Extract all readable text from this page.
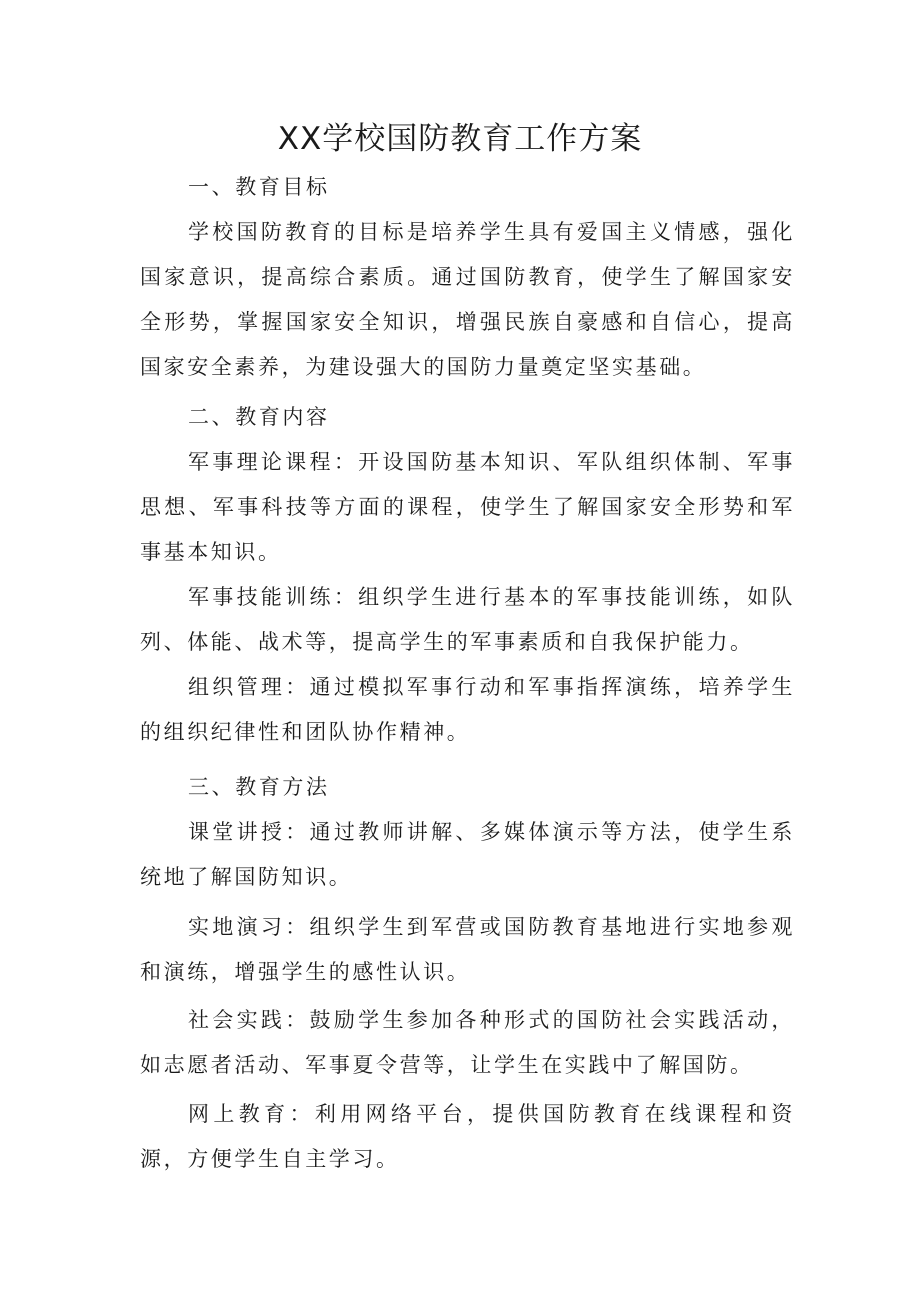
XX学校国防教育工作方案

一、教育目标

学校国防教育的目标是培养学生具有爱国主义情感，强化国家意识，提高综合素质。通过国防教育，使学生了解国家安全形势，掌握国家安全知识，增强民族自豪感和自信心，提高国家安全素养，为建设强大的国防力量奠定坚实基础。

二、教育内容

军事理论课程：开设国防基本知识、军队组织体制、军事思想、军事科技等方面的课程，使学生了解国家安全形势和军事基本知识。

军事技能训练：组织学生进行基本的军事技能训练，如队列、体能、战术等，提高学生的军事素质和自我保护能力。

组织管理：通过模拟军事行动和军事指挥演练，培养学生的组织纪律性和团队协作精神。

三、教育方法

课堂讲授：通过教师讲解、多媒体演示等方法，使学生系统地了解国防知识。

实地演习：组织学生到军营或国防教育基地进行实地参观和演练，增强学生的感性认识。

社会实践：鼓励学生参加各种形式的国防社会实践活动，如志愿者活动、军事夏令营等，让学生在实践中了解国防。

网上教育：利用网络平台，提供国防教育在线课程和资源，方便学生自主学习。
